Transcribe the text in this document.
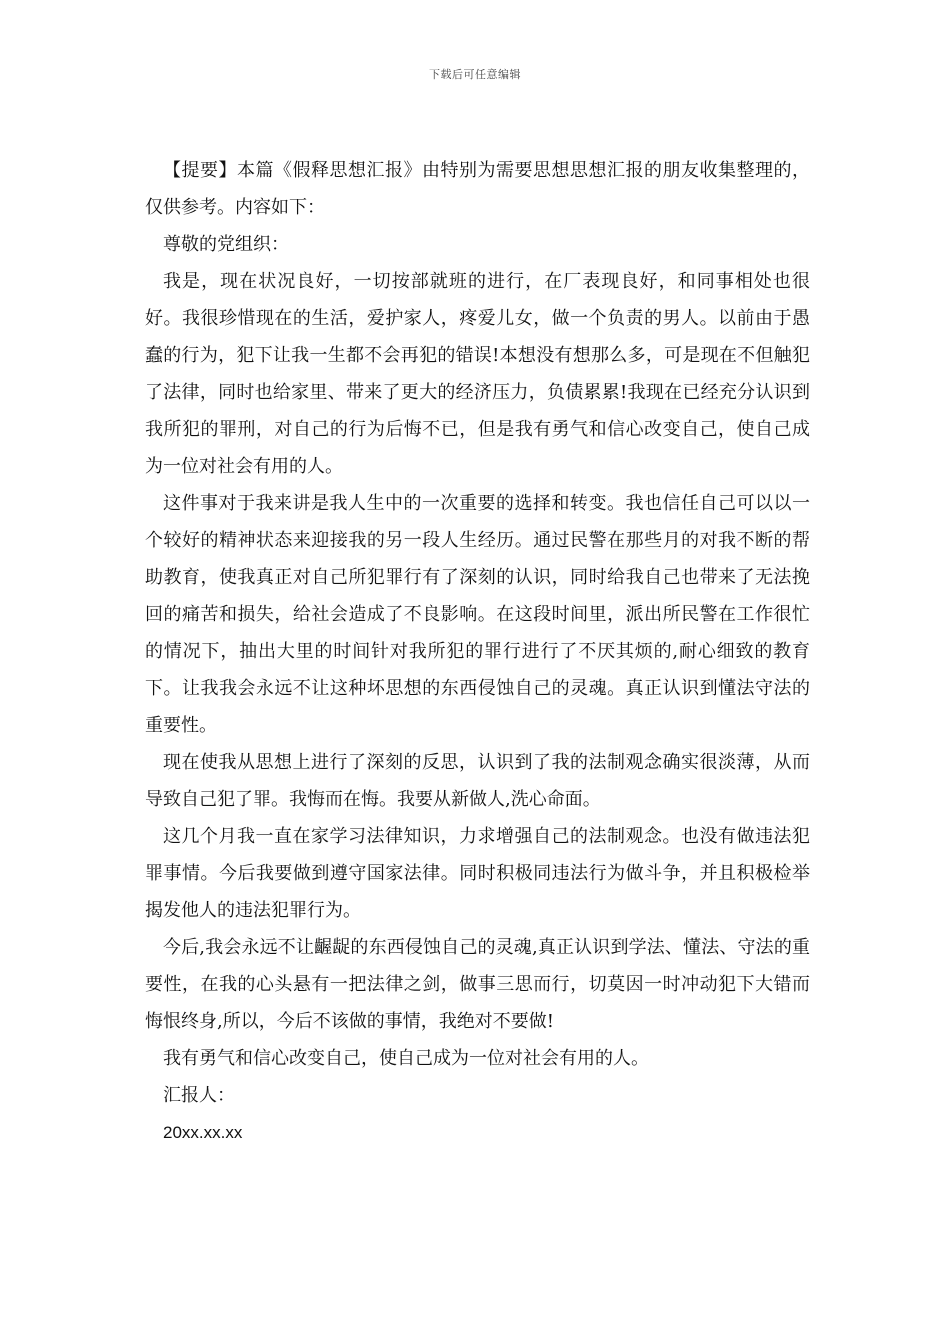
下载后可任意编辑

【提要】本篇《假释思想汇报》由特别为需要思想思想汇报的朋友收集整理的，仅供参考。内容如下：

尊敬的党组织：

我是，现在状况良好，一切按部就班的进行，在厂表现良好，和同事相处也很好。我很珍惜现在的生活，爱护家人，疼爱儿女，做一个负责的男人。以前由于愚蠢的行为，犯下让我一生都不会再犯的错误!本想没有想那么多，可是现在不但触犯了法律，同时也给家里、带来了更大的经济压力，负债累累!我现在已经充分认识到我所犯的罪刑，对自己的行为后悔不已，但是我有勇气和信心改变自己，使自己成为一位对社会有用的人。

这件事对于我来讲是我人生中的一次重要的选择和转变。我也信任自己可以以一个较好的精神状态来迎接我的另一段人生经历。通过民警在那些月的对我不断的帮助教育，使我真正对自己所犯罪行有了深刻的认识，同时给我自己也带来了无法挽回的痛苦和损失，给社会造成了不良影响。在这段时间里，派出所民警在工作很忙的情况下，抽出大里的时间针对我所犯的罪行进行了不厌其烦的,耐心细致的教育下。让我我会永远不让这种坏思想的东西侵蚀自己的灵魂。真正认识到懂法守法的重要性。

现在使我从思想上进行了深刻的反思，认识到了我的法制观念确实很淡薄，从而导致自己犯了罪。我悔而在悔。我要从新做人,洗心命面。

这几个月我一直在家学习法律知识，力求增强自己的法制观念。也没有做违法犯罪事情。今后我要做到遵守国家法律。同时积极同违法行为做斗争，并且积极检举揭发他人的违法犯罪行为。

今后,我会永远不让齷龊的东西侵蚀自己的灵魂,真正认识到学法、懂法、守法的重要性，在我的心头悬有一把法律之剑，做事三思而行，切莫因一时冲动犯下大错而悔恨终身,所以，今后不该做的事情，我绝对不要做!

我有勇气和信心改变自己，使自己成为一位对社会有用的人。

汇报人：

20xx.xx.xx
